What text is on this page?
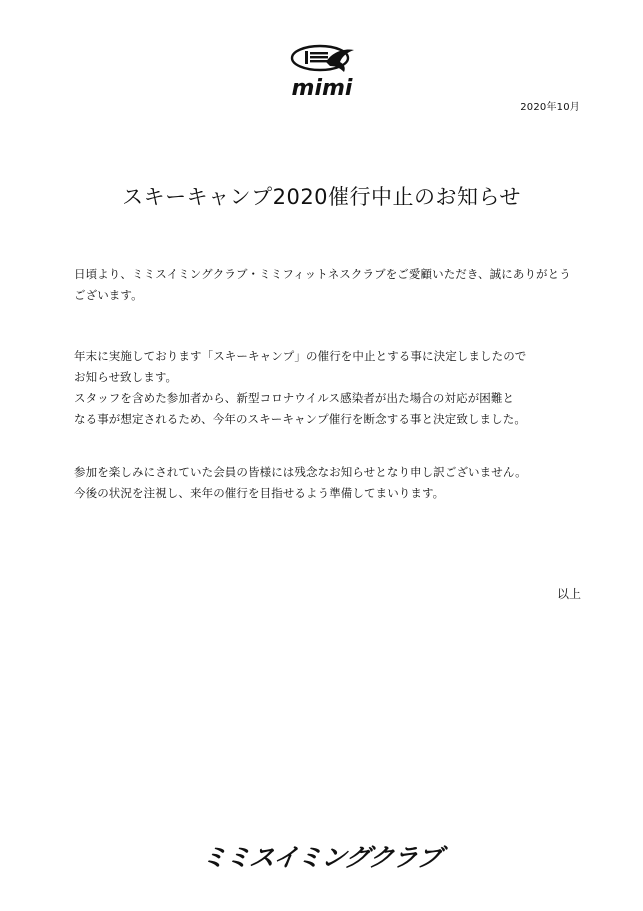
mimi
2020年10月
スキーキャンプ2020催行中止のお知らせ

日頃より、ミミスイミングクラブ・ミミフィットネスクラブをご愛顧いただき、誠にありがとう

ございます。

年末に実施しております「スキーキャンプ」の催行を中止とする事に決定しましたので

お知らせ致します。

スタッフを含めた参加者から、新型コロナウイルス感染者が出た場合の対応が困難と

なる事が想定されるため、今年のスキーキャンプ催行を断念する事と決定致しました。

参加を楽しみにされていた会員の皆様には残念なお知らせとなり申し訳ございません。

今後の状況を注視し、来年の催行を目指せるよう準備してまいります。

以上
ミミスイミングクラブ
